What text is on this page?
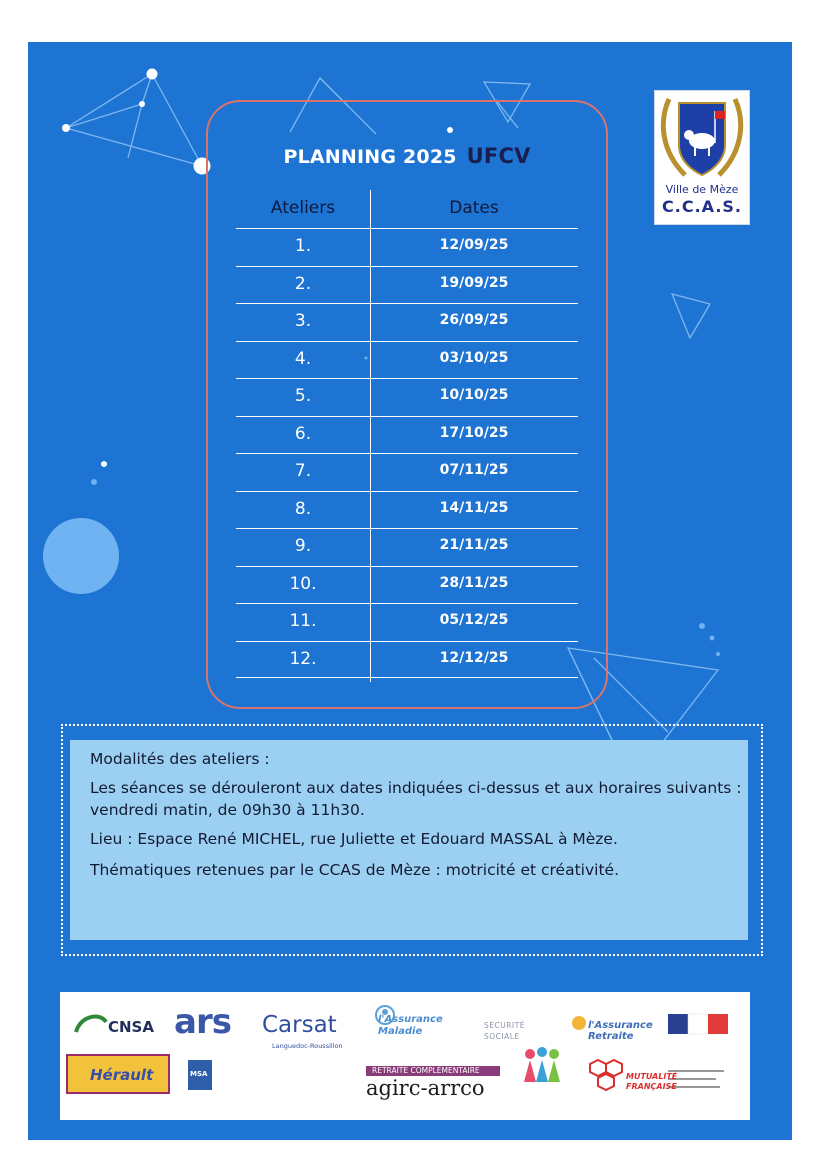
PLANNING 2025 UFCV
Ateliers	Dates
1.	12/09/25
2.	19/09/25
3.	26/09/25
4.	03/10/25
5.	10/10/25
6.	17/10/25
7.	07/11/25
8.	14/11/25
9.	21/11/25
10.	28/11/25
11.	05/12/25
12.	12/12/25
Ville de Mèze
C.C.A.S.

Modalités des ateliers :

Les séances se dérouleront aux dates indiquées ci-dessus et aux horaires suivants : vendredi matin, de 09h30 à 11h30.

Lieu : Espace René MICHEL, rue Juliette et Edouard MASSAL à Mèze.

Thématiques retenues par le CCAS de Mèze : motricité et créativité.

CNSA ars Carsat
Languedoc-Roussillon
l'Assurance Maladie
SÉCURITÉ SOCIALE
l'Assurance Retraite
Hérault	MSA	RETRAITE COMPLÉMENTAIRE
agirc-arrco	MUTUALITÉ FRANÇAISE
